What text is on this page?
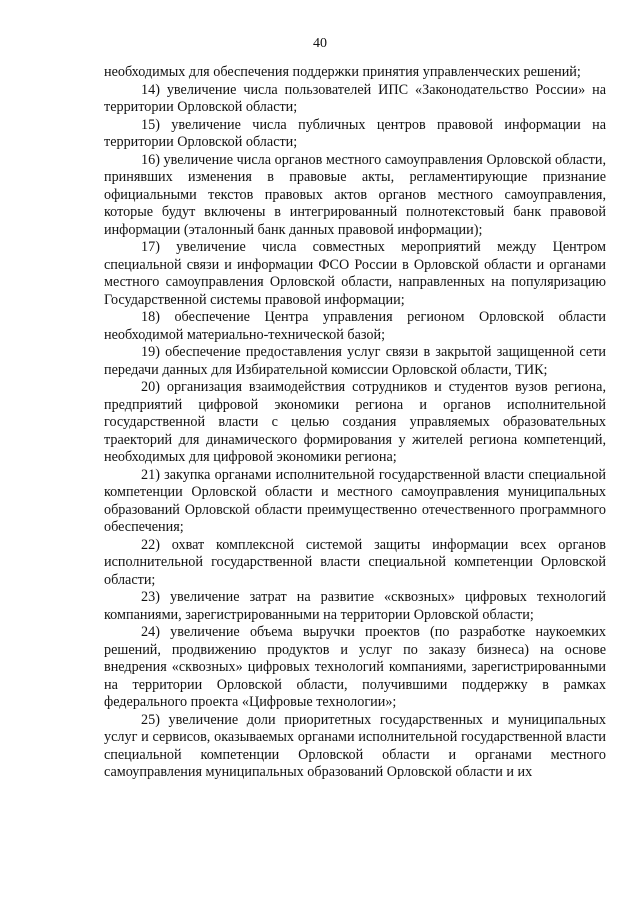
40

необходимых для обеспечения поддержки принятия управленческих решений;

14) увеличение числа пользователей ИПС «Законодательство России» на территории Орловской области;

15) увеличение числа публичных центров правовой информации на территории Орловской области;

16) увеличение числа органов местного самоуправления Орловской области, принявших изменения в правовые акты, регламентирующие признание официальными текстов правовых актов органов местного самоуправления, которые будут включены в интегрированный полнотекстовый банк правовой информации (эталонный банк данных правовой информации);

17) увеличение числа совместных мероприятий между Центром специальной связи и информации ФСО России в Орловской области и органами местного самоуправления Орловской области, направленных на популяризацию Государственной системы правовой информации;

18) обеспечение Центра управления регионом Орловской области необходимой материально-технической базой;

19) обеспечение предоставления услуг связи в закрытой защищенной сети передачи данных для Избирательной комиссии Орловской области, ТИК;

20) организация взаимодействия сотрудников и студентов вузов региона, предприятий цифровой экономики региона и органов исполнительной государственной власти с целью создания управляемых образовательных траекторий для динамического формирования у жителей региона компетенций, необходимых для цифровой экономики региона;

21) закупка органами исполнительной государственной власти специальной компетенции Орловской области и местного самоуправления муниципальных образований Орловской области преимущественно отечественного программного обеспечения;

22) охват комплексной системой защиты информации всех органов исполнительной государственной власти специальной компетенции Орловской области;

23) увеличение затрат на развитие «сквозных» цифровых технологий компаниями, зарегистрированными на территории Орловской области;

24) увеличение объема выручки проектов (по разработке наукоемких решений, продвижению продуктов и услуг по заказу бизнеса) на основе внедрения «сквозных» цифровых технологий компаниями, зарегистрированными на территории Орловской области, получившими поддержку в рамках федерального проекта «Цифровые технологии»;

25) увеличение доли приоритетных государственных и муниципальных услуг и сервисов, оказываемых органами исполнительной государственной власти специальной компетенции Орловской области и органами местного самоуправления муниципальных образований Орловской области и их
